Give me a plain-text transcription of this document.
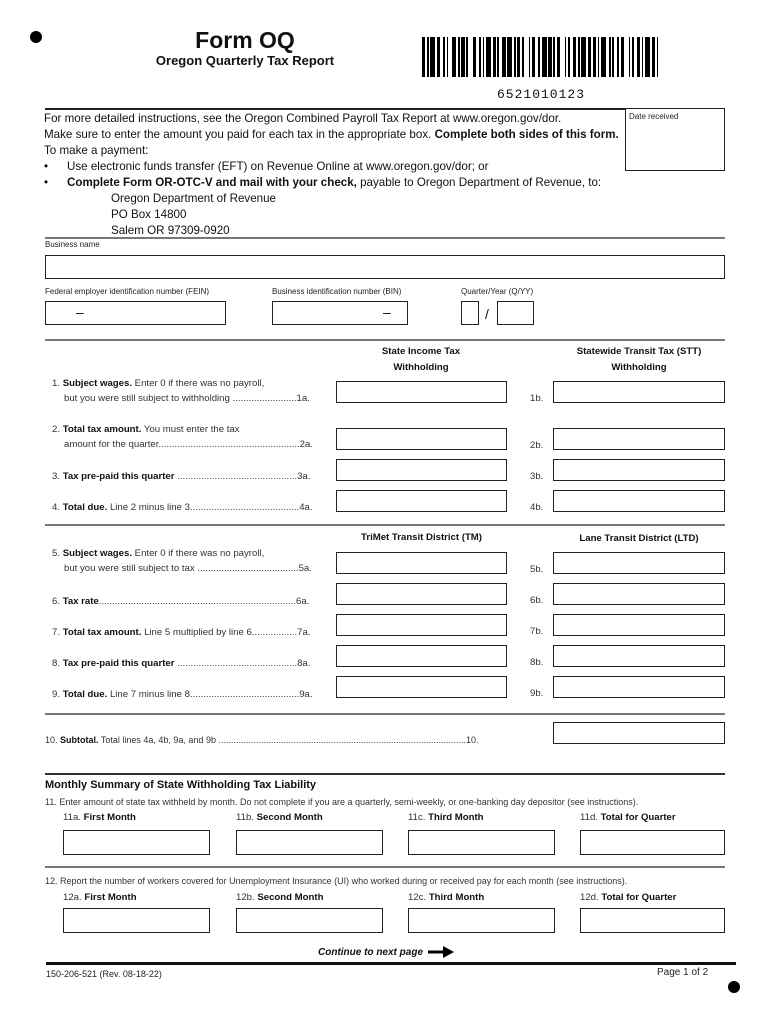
Form OQ
Oregon Quarterly Tax Report
6521010123
Date received
For more detailed instructions, see the Oregon Combined Payroll Tax Report at www.oregon.gov/dor.
Make sure to enter the amount you paid for each tax in the appropriate box. Complete both sides of this form.
To make a payment:
• Use electronic funds transfer (EFT) on Revenue Online at www.oregon.gov/dor; or
• Complete Form OR-OTC-V and mail with your check, payable to Oregon Department of Revenue, to:
Oregon Department of Revenue
PO Box 14800
Salem OR 97309-0920
Business name
Federal employer identification number (FEIN)
–
Business identification number (BIN)
–
Quarter/Year (Q/YY)
/
State Income Tax
Withholding
Statewide Transit Tax (STT)
Withholding
1. Subject wages. Enter 0 if there was no payroll,
but you were still subject to withholding ........................1a.	1b.
2. Total tax amount. You must enter the tax
amount for the quarter.....................................................2a.	2b.
3. Tax pre-paid this quarter .............................................3a.	3b.
4. Total due. Line 2 minus line 3.........................................4a.	4b.
TriMet Transit District (TM)	Lane Transit District (LTD)
5. Subject wages. Enter 0 if there was no payroll,
but you were still subject to tax ......................................5a.	5b.
6. Tax rate..........................................................................6a.	6b.
7. Total tax amount. Line 5 multiplied by line 6.................7a.	7b.
8. Tax pre-paid this quarter .............................................8a.	8b.
9. Total due. Line 7 minus line 8.........................................9a.	9b.
10. Subtotal. Total lines 4a, 4b, 9a, and 9b ...................................................................................................10.
Monthly Summary of State Withholding Tax Liability
11. Enter amount of state tax withheld by month. Do not complete if you are a quarterly, semi-weekly, or one-banking day depositor (see instructions).
11a. First Month	11b. Second Month	11c. Third Month	11d. Total for Quarter
12. Report the number of workers covered for Unemployment Insurance (UI) who worked during or received pay for each month (see instructions).
12a. First Month	12b. Second Month	12c. Third Month	12d. Total for Quarter
Continue to next page
150-206-521 (Rev. 08-18-22)	Page 1 of 2
